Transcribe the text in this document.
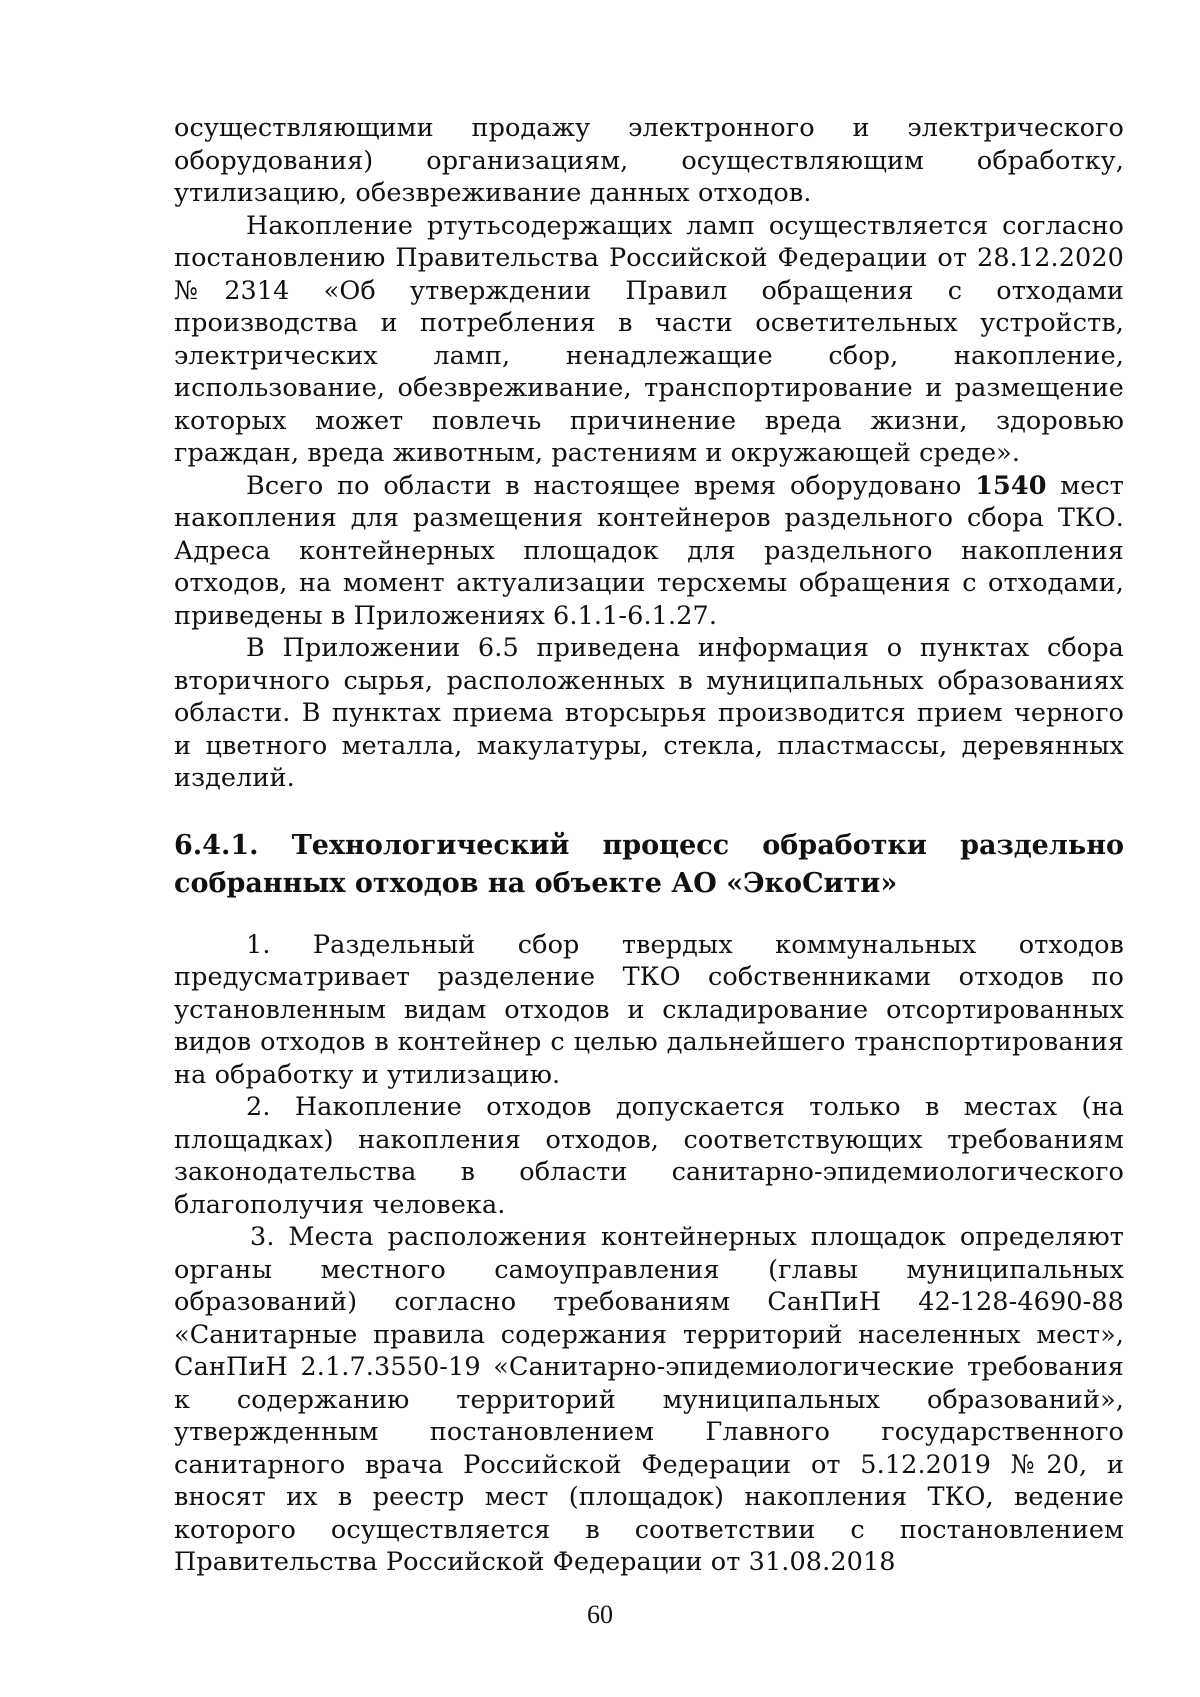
осуществляющими продажу электронного и электрического оборудования) организациям, осуществляющим обработку, утилизацию, обезвреживание данных отходов.

Накопление ртутьсодержащих ламп осуществляется согласно постановлению Правительства Российской Федерации от 28.12.2020 №2314 «Об утверждении Правил обращения с отходами производства и потребления в части осветительных устройств, электрических ламп, ненадлежащие сбор, накопление, использование, обезвреживание, транспортирование и размещение которых может повлечь причинение вреда жизни, здоровью граждан, вреда животным, растениям и окружающей среде».

Всего по области в настоящее время оборудовано 1540 мест накопления для размещения контейнеров раздельного сбора ТКО. Адреса контейнерных площадок для раздельного накопления отходов, на момент актуализации терсхемы обращения с отходами, приведены в Приложениях 6.1.1-6.1.27.

В Приложении 6.5 приведена информация о пунктах сбора вторичного сырья, расположенных в муниципальных образованиях области. В пунктах приема вторсырья производится прием черного и цветного металла, макулатуры, стекла, пластмассы, деревянных изделий.

6.4.1. Технологический процесс обработки раздельно собранных отходов на объекте АО «ЭкоСити»

1. Раздельный сбор твердых коммунальных отходов предусматривает разделение ТКО собственниками отходов по установленным видам отходов и складирование отсортированных видов отходов в контейнер с целью дальнейшего транспортирования на обработку и утилизацию.

2. Накопление отходов допускается только в местах (на площадках) накопления отходов, соответствующих требованиям законодательства в области санитарно-эпидемиологического благополучия человека.

3. Места расположения контейнерных площадок определяют органы местного самоуправления (главы муниципальных образований) согласно требованиям СанПиН 42-128-4690-88 «Санитарные правила содержания территорий населенных мест», СанПиН 2.1.7.3550-19 «Санитарно-эпидемиологические требования к содержанию территорий муниципальных образований», утвержденным постановлением Главного государственного санитарного врача Российской Федерации от 5.12.2019 №20, и вносят их в реестр мест (площадок) накопления ТКО, ведение которого осуществляется в соответствии с постановлением Правительства Российской Федерации от 31.08.2018

60
